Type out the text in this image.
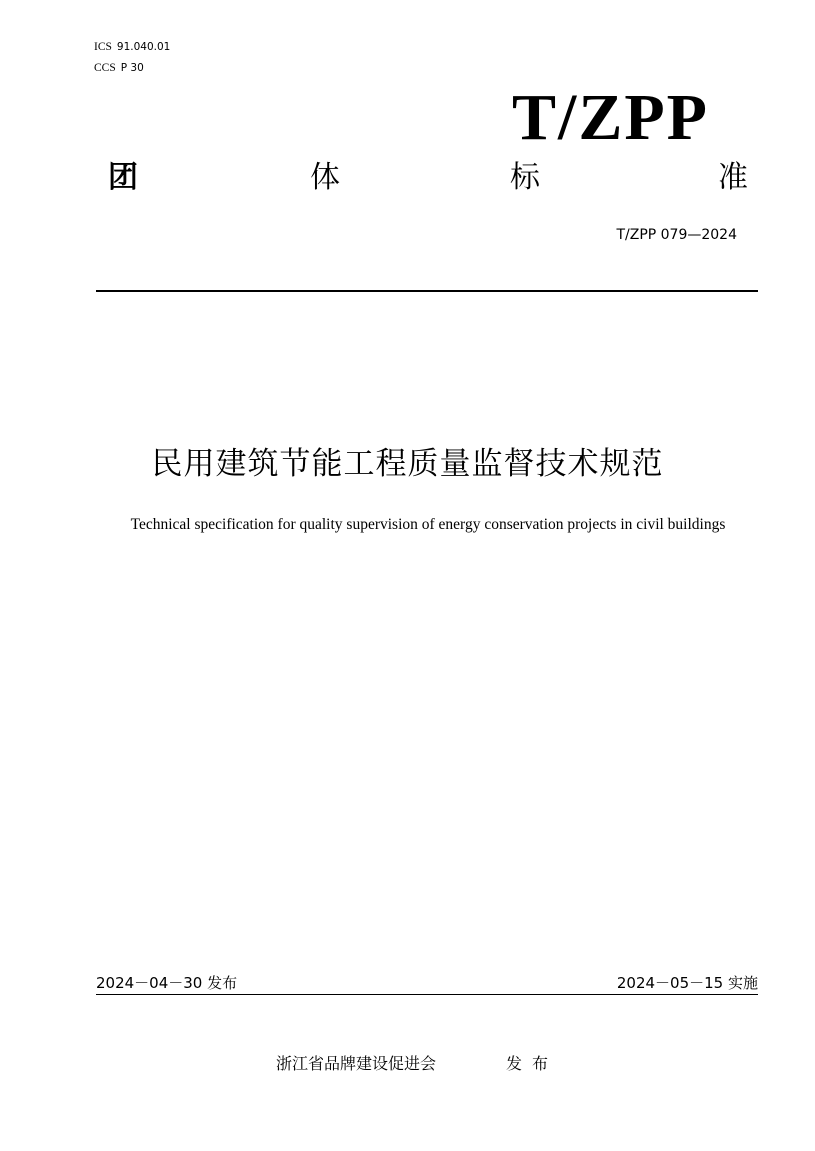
ICS 91.040.01
CCS P 30
T/ZPP
团	体	标	准
T/ZPP 079—2024
民用建筑节能工程质量监督技术规范
Technical specification for quality supervision of energy conservation projects in civil buildings
2024－04－30 发布	2024－05－15 实施
浙江省品牌建设促进会	发布
